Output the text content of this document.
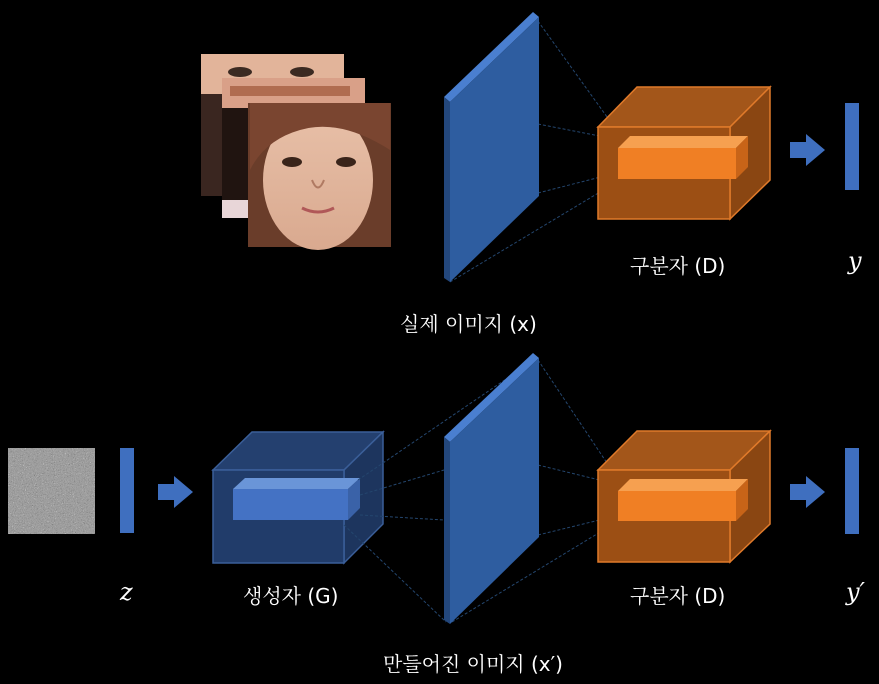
구분자 (D)	y
실제 이미지 (x)
z	생성자 (G)	구분자 (D)	y′
만들어진 이미지 (x′)
